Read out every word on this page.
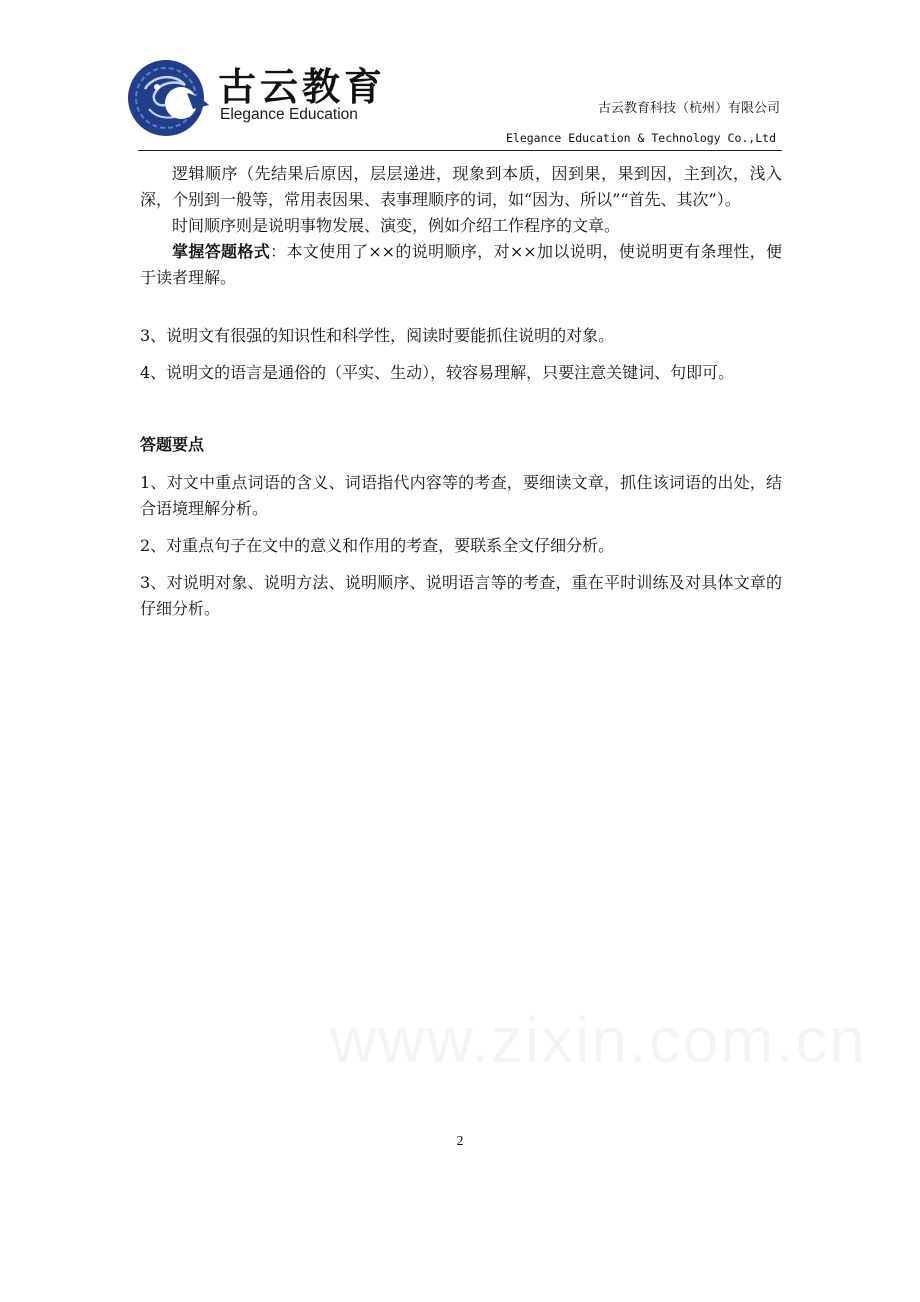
古云教育
Elegance Education	古云教育科技（杭州）有限公司
Elegance Education & Technology Co.,Ltd

逻辑顺序（先结果后原因，层层递进，现象到本质，因到果，果到因，主到次，浅入深，个别到一般等，常用表因果、表事理顺序的词，如“因为、所以”“首先、其次”）。

时间顺序则是说明事物发展、演变，例如介绍工作程序的文章。

掌握答题格式：本文使用了××的说明顺序，对××加以说明，使说明更有条理性，便于读者理解。

3、说明文有很强的知识性和科学性，阅读时要能抓住说明的对象。

4、说明文的语言是通俗的（平实、生动），较容易理解，只要注意关键词、句即可。

答题要点

1、对文中重点词语的含义、词语指代内容等的考查，要细读文章，抓住该词语的出处，结合语境理解分析。

2、对重点句子在文中的意义和作用的考查，要联系全文仔细分析。

3、对说明对象、说明方法、说明顺序、说明语言等的考查，重在平时训练及对具体文章的仔细分析。

2
